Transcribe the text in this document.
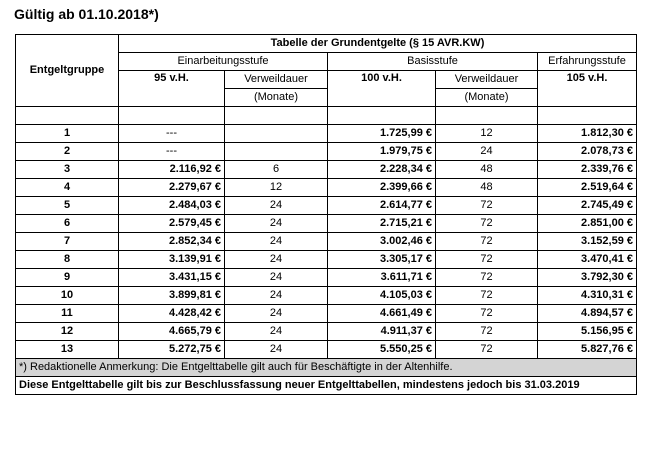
Gültig ab 01.10.2018*)
Entgeltgruppe	Tabelle der Grundentgelte (§ 15 AVR.KW)				
	Einarbeitungsstufe		Basisstufe		Erfahrungsstufe
	95 v.H.	Verweildauer	100 v.H.	Verweildauer	105 v.H.
		(Monate)		(Monate)	

1	---		1.725,99 €	12	1.812,30 €
2	---		1.979,75 €	24	2.078,73 €
3	2.116,92 €	6	2.228,34 €	48	2.339,76 €
4	2.279,67 €	12	2.399,66 €	48	2.519,64 €
5	2.484,03 €	24	2.614,77 €	72	2.745,49 €
6	2.579,45 €	24	2.715,21 €	72	2.851,00 €
7	2.852,34 €	24	3.002,46 €	72	3.152,59 €
8	3.139,91 €	24	3.305,17 €	72	3.470,41 €
9	3.431,15 €	24	3.611,71 €	72	3.792,30 €
10	3.899,81 €	24	4.105,03 €	72	4.310,31 €
11	4.428,42 €	24	4.661,49 €	72	4.894,57 €
12	4.665,79 €	24	4.911,37 €	72	5.156,95 €
13	5.272,75 €	24	5.550,25 €	72	5.827,76 €
*) Redaktionelle Anmerkung: Die Entgelttabelle gilt auch für Beschäftigte in der Altenhilfe.					
Diese Entgelttabelle gilt bis zur Beschlussfassung neuer Entgelttabellen, mindestens jedoch bis 31.03.2019					
